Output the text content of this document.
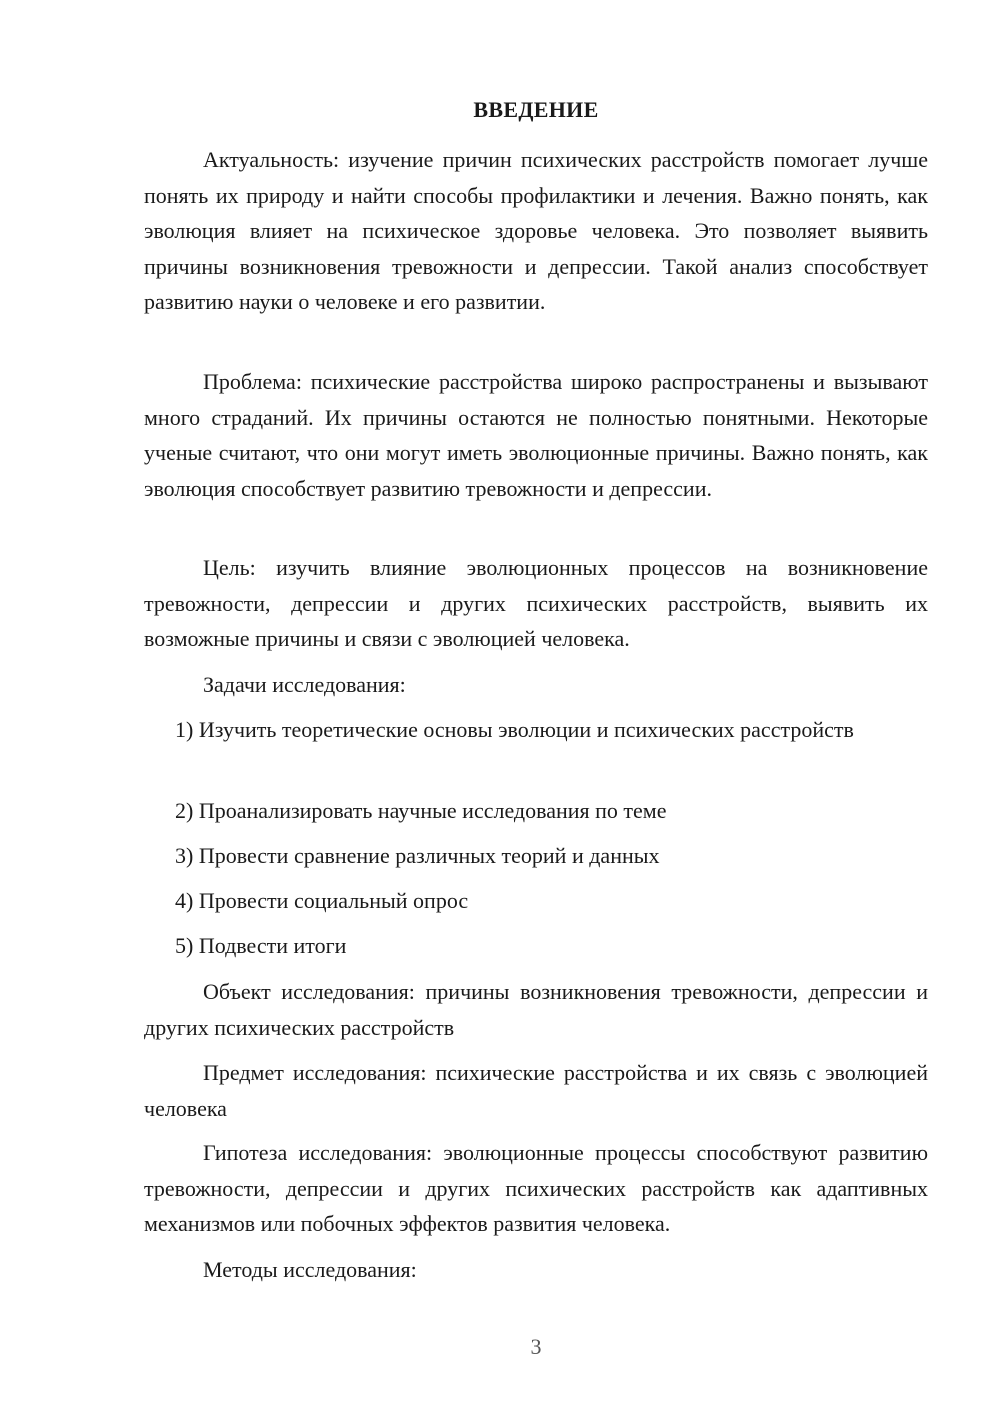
ВВЕДЕНИЕ

Актуальность: изучение причин психических расстройств помогает лучше понять их природу и найти способы профилактики и лечения. Важно понять, как эволюция влияет на психическое здоровье человека. Это позволяет выявить причины возникновения тревожности и депрессии. Такой анализ способствует развитию науки о человеке и его развитии.

Проблема: психические расстройства широко распространены и вызывают много страданий. Их причины остаются не полностью понятными. Некоторые ученые считают, что они могут иметь эволюционные причины. Важно понять, как эволюция способствует развитию тревожности и депрессии.

Цель: изучить влияние эволюционных процессов на возникновение тревожности, депрессии и других психических расстройств, выявить их возможные причины и связи с эволюцией человека.

Задачи исследования:

1) Изучить теоретические основы эволюции и психических расстройств

2) Проанализировать научные исследования по теме

3) Провести сравнение различных теорий и данных

4) Провести социальный опрос

5) Подвести итоги

Объект исследования: причины возникновения тревожности, депрессии и других психических расстройств

Предмет исследования: психические расстройства и их связь с эволюцией человека

Гипотеза исследования: эволюционные процессы способствуют развитию тревожности, депрессии и других психических расстройств как адаптивных механизмов или побочных эффектов развития человека.

Методы исследования:

3
